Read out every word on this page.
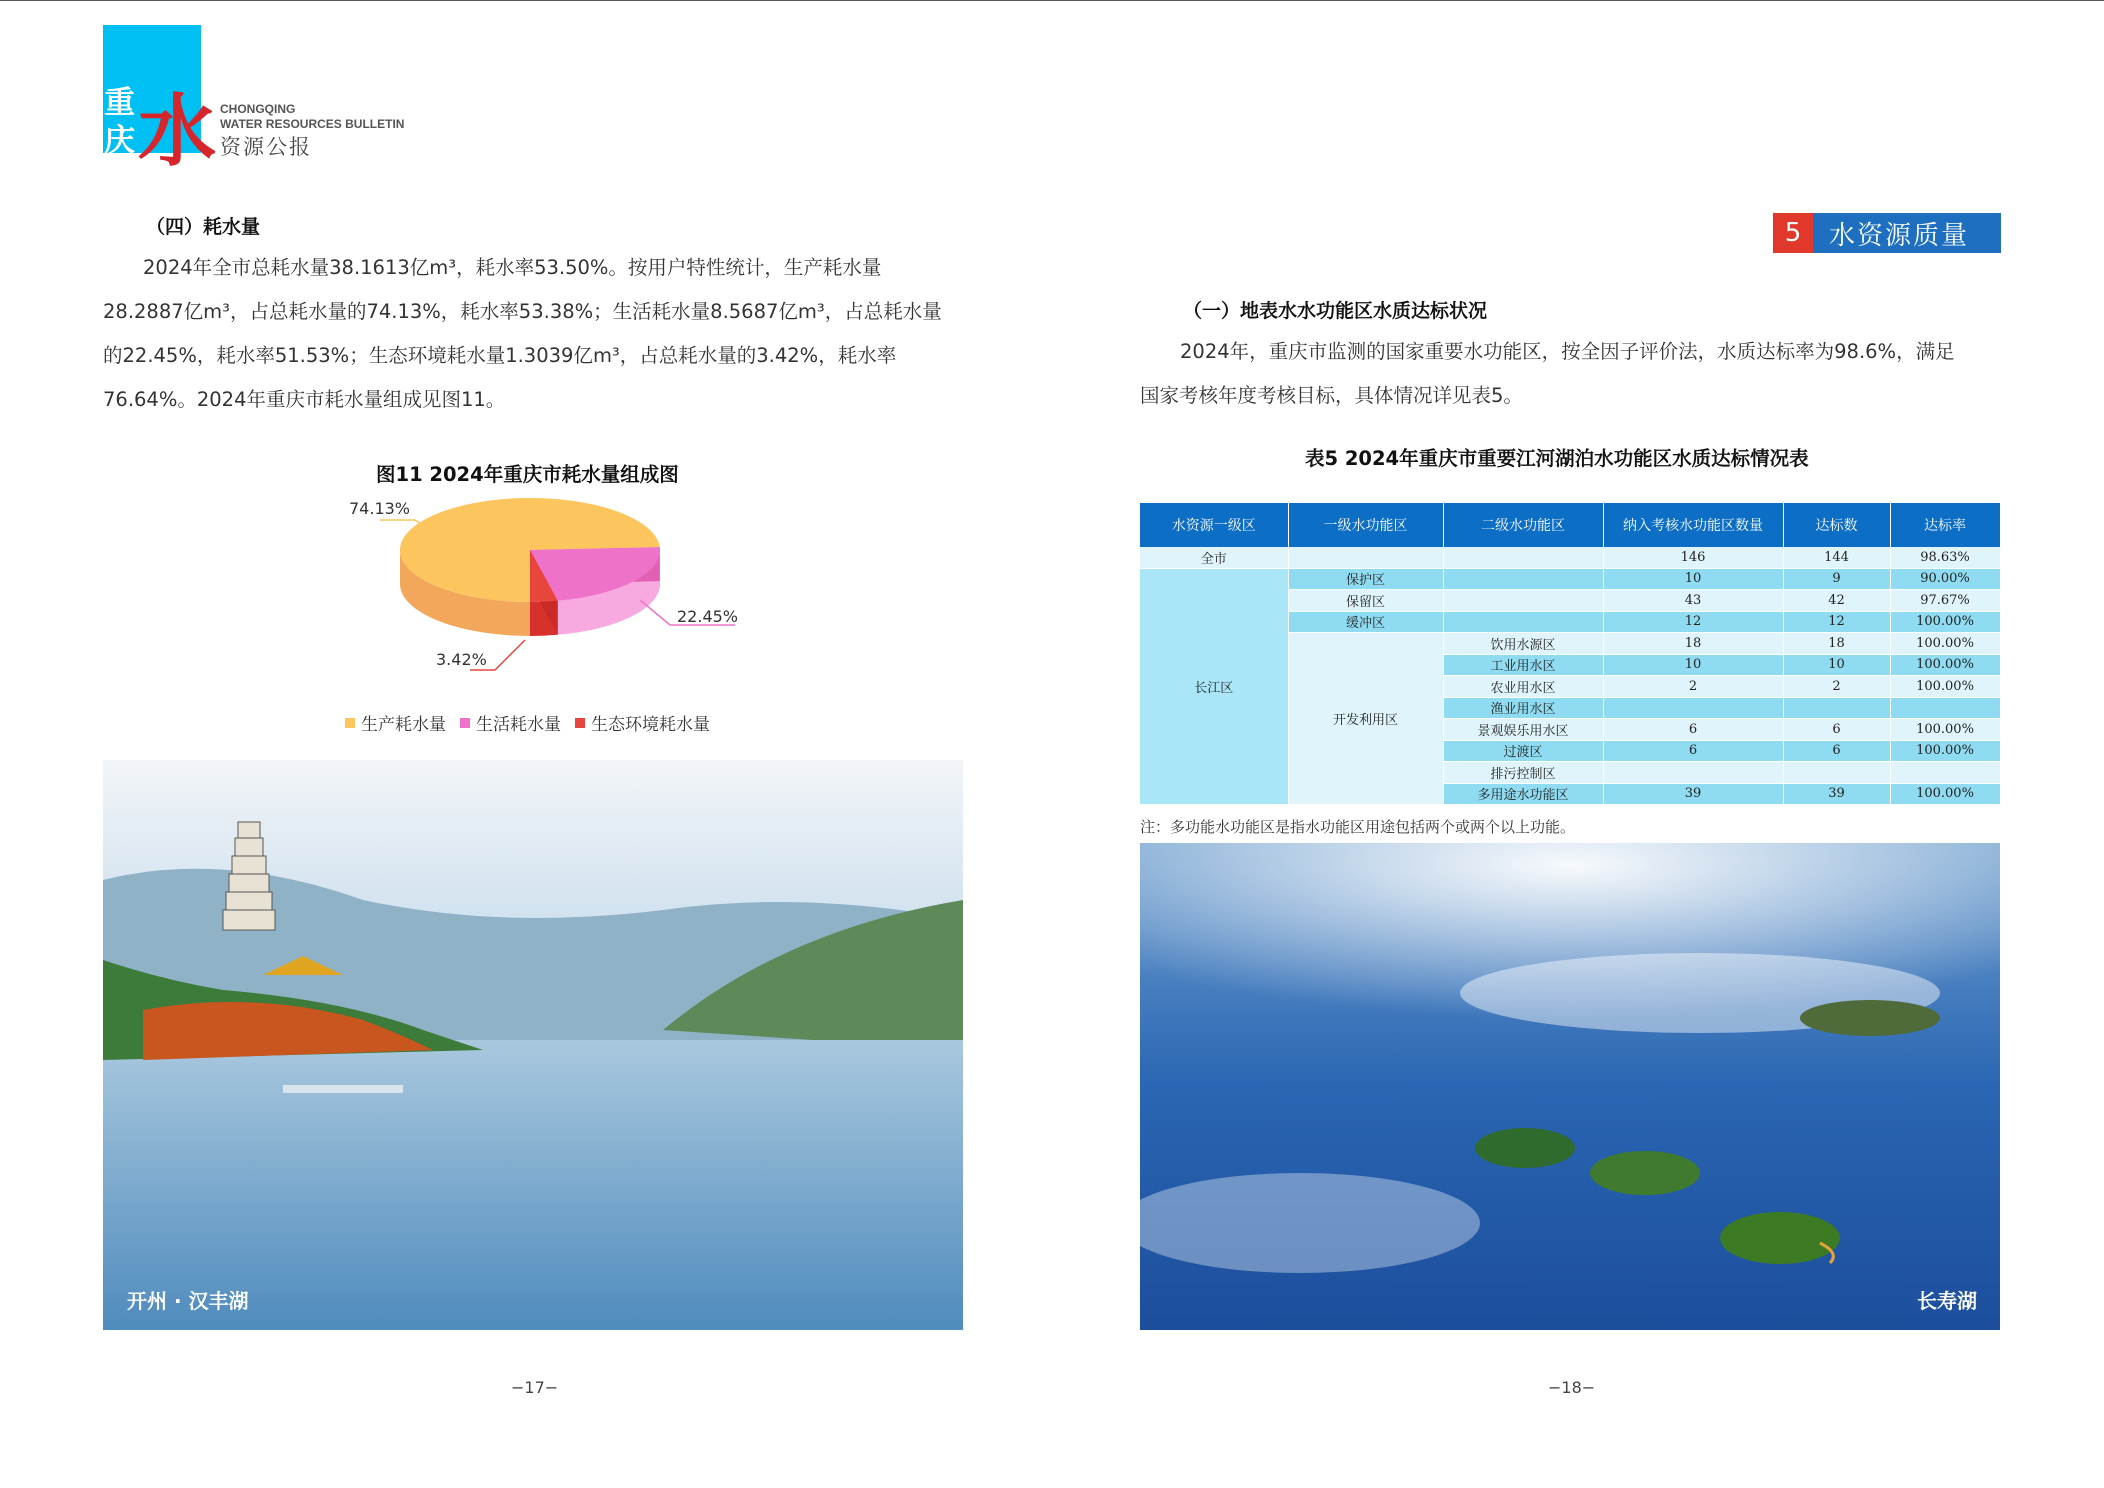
重庆市
水 CHONGQING
WATER RESOURCES BULLETIN
资源公报
（四）耗水量
2024年全市总耗水量38.1613亿m³，耗水率53.50%。按用户特性统计，生产耗水量
28.2887亿m³，占总耗水量的74.13%，耗水率53.38%；生活耗水量8.5687亿m³，占总耗水量
的22.45%，耗水率51.53%；生态环境耗水量1.3039亿m³，占总耗水量的3.42%，耗水率
76.64%。2024年重庆市耗水量组成见图11。
图11 2024年重庆市耗水量组成图
74.13%
22.45%
3.42%
生产耗水量 生活耗水量 生态环境耗水量
开州 · 汉丰湖
−17−
5	水资源质量
（一）地表水水功能区水质达标状况
2024年，重庆市监测的国家重要水功能区，按全因子评价法，水质达标率为98.6%，满足
国家考核年度考核目标，具体情况详见表5。
表5 2024年重庆市重要江河湖泊水功能区水质达标情况表
水资源一级区	一级水功能区	二级水功能区	纳入考核水功能区数量	达标数	达标率
全市			146	144	98.63%
长江区	保护区		10	9	90.00%
	保留区		43	42	97.67%
	缓冲区		12	12	100.00%
	开发利用区	饮用水源区	18	18	100.00%
		工业用水区	10	10	100.00%
		农业用水区	2	2	100.00%
		渔业用水区			
		景观娱乐用水区	6	6	100.00%
		过渡区	6	6	100.00%
		排污控制区			
		多用途水功能区	39	39	100.00%
注：多功能水功能区是指水功能区用途包括两个或两个以上功能。
长寿湖
−18−
